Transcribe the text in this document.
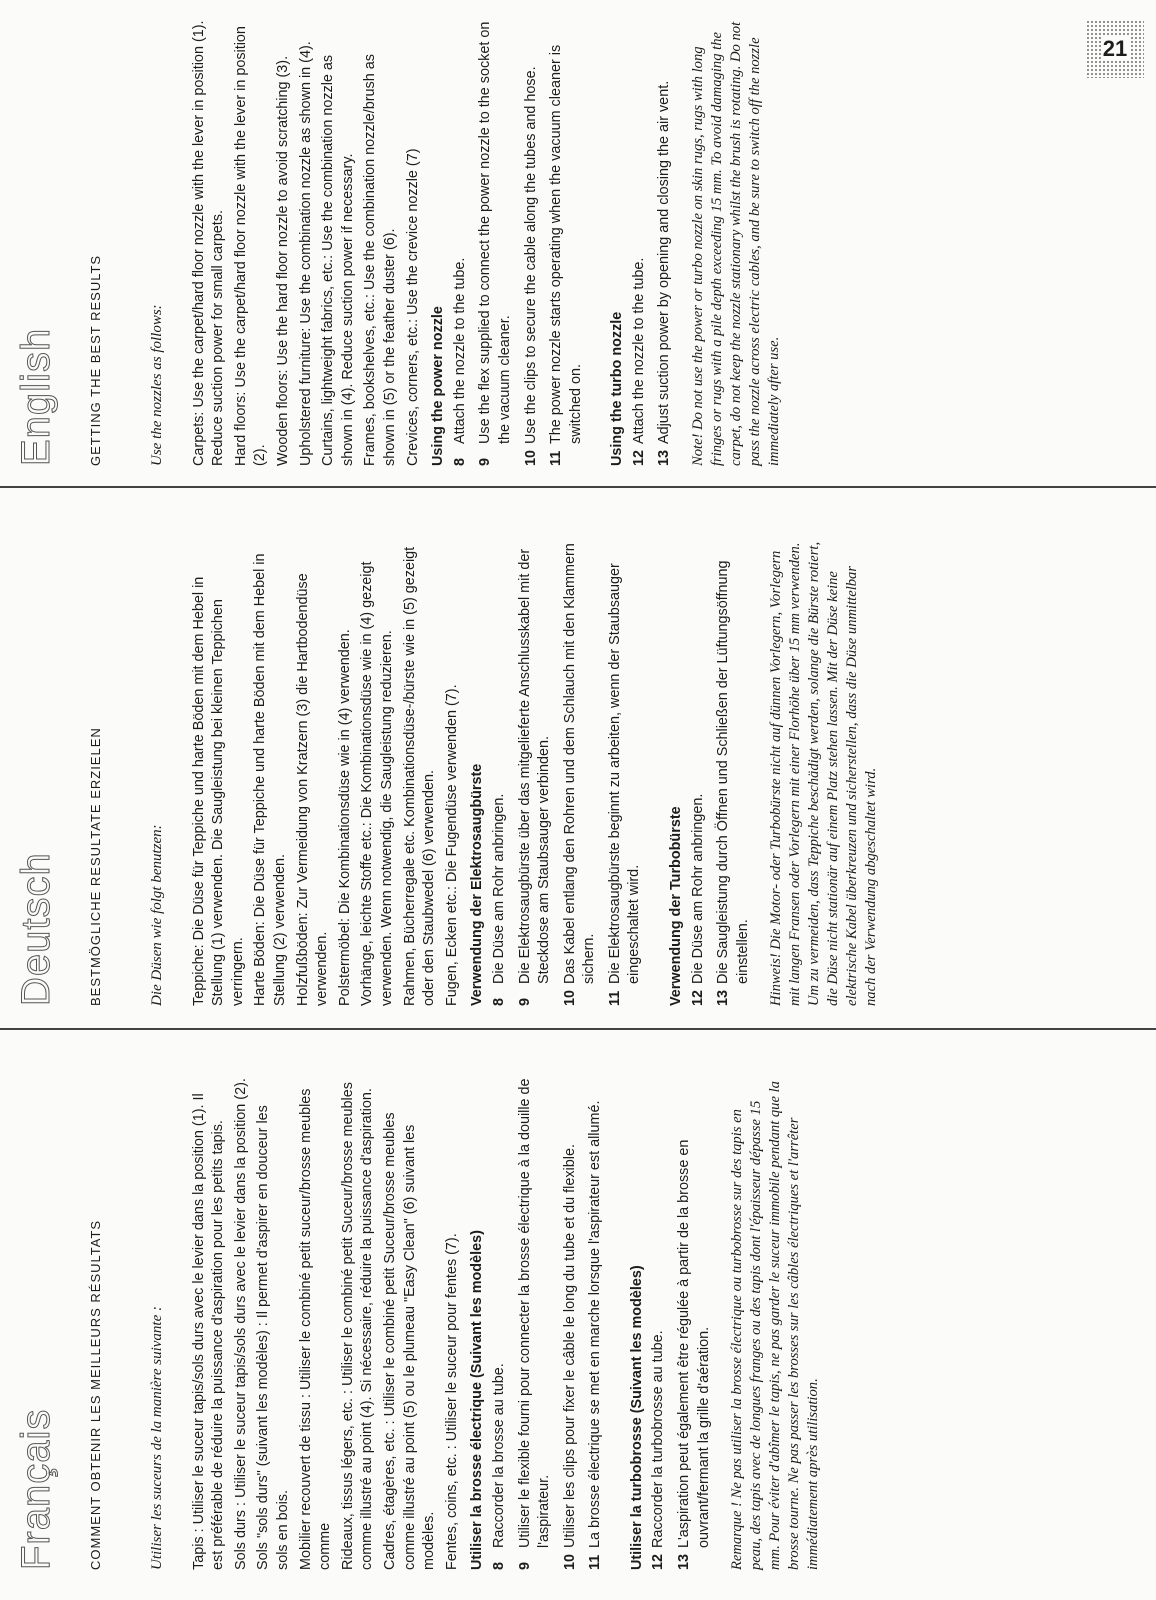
Français COMMENT OBTENIR LES MEILLEURS RÉSULTATS	Utiliser les suceurs de la manière suivante : Tapis : Utiliser le suceur tapis/sols durs avec le levier dans la position (1). Il est préférable de réduire la puissance d'aspiration pour les petits tapis. Sols durs : Utiliser le suceur tapis/sols durs avec le levier dans la position (2). Sols "sols durs" (suivant les modèles) : Il permet d'aspirer en douceur les sols en bois. Mobilier recouvert de tissu : Utiliser le combiné petit suceur/brosse meubles comme Rideaux, tissus légers, etc. : Utiliser le combiné petit Suceur/brosse meubles comme illustré au point (4). Si nécessaire, réduire la puissance d'aspiration. Cadres, étagères, etc. : Utiliser le combiné petit Suceur/brosse meubles comme illustré au point (5) ou le plumeau "Easy Clean" (6) suivant les modèles. Fentes, coins, etc. : Utiliser le suceur pour fentes (7). Utiliser la brosse électrique (Suivant les modèles) 8
Raccorder la brosse au tube.
9
Utiliser le flexible fourni pour connecter la brosse électrique à la douille de l'aspirateur.
10
Utiliser les clips pour fixer le câble le long du tube et du flexible.
11
La brosse électrique se met en marche lorsque l'aspirateur est allumé. Utiliser la turbobrosse (Suivant les modèles) 12
Raccorder la turbobrosse au tube.
13
L'aspiration peut également être régulée à partir de la brosse en ouvrant/fermant la grille d'aération. Remarque ! Ne pas utiliser la brosse électrique ou turbobrosse sur des tapis en peau, des tapis avec de longues franges ou des tapis dont l'épaisseur dépasse 15 mm. Pour éviter d'abîmer le tapis, ne pas garder le suceur immobile pendant que la brosse tourne. Ne pas passer les brosses sur les câbles électriques et l'arrêter immédiatement après utilisation.
Deutsch BESTMÖGLICHE RESULTATE ERZIELEN	Die Düsen wie folgt benutzen: Teppiche: Die Düse für Teppiche und harte Böden mit dem Hebel in Stellung (1) verwenden. Die Saugleistung bei kleinen Teppichen verringern. Harte Böden: Die Düse für Teppiche und harte Böden mit dem Hebel in Stellung (2) verwenden. Holzfußböden: Zur Vermeidung von Kratzern (3) die Hartbodendüse verwenden. Polstermöbel: Die Kombinationsdüse wie in (4) verwenden. Vorhänge, leichte Stoffe etc.: Die Kombinationsdüse wie in (4) gezeigt verwenden. Wenn notwendig, die Saugleistung reduzieren. Rahmen, Bücherregale etc. Kombinationsdüse-/bürste wie in (5) gezeigt oder den Staubwedel (6) verwenden. Fugen, Ecken etc.: Die Fugendüse verwenden (7). Verwendung der Elektrosaugbürste 8
Die Düse am Rohr anbringen.
9
Die Elektrosaugbürste über das mitgelieferte Anschlusskabel mit der Steckdose am Staubsauger verbinden.
10
Das Kabel entlang den Rohren und dem Schlauch mit den Klammern sichern.
11
Die Elektrosaugbürste beginnt zu arbeiten, wenn der Staubsauger eingeschaltet wird. Verwendung der Turbobürste 12
Die Düse am Rohr anbringen.
13
Die Saugleistung durch Öffnen und Schließen der Lüftungsöffnung einstellen. Hinweis! Die Motor- oder Turbobürste nicht auf dünnen Vorlegern, Vorlegern mit langen Fransen oder Vorlegern mit einer Florhöhe über 15 mm verwenden. Um zu vermeiden, dass Teppiche beschädigt werden, solange die Bürste rotiert, die Düse nicht stationär auf einem Platz stehen lassen. Mit der Düse keine elektrische Kabel überkreuzen und sicherstellen, dass die Düse unmittelbar nach der Verwendung abgeschaltet wird.
English GETTING THE BEST RESULTS	Use the nozzles as follows: Carpets: Use the carpet/hard floor nozzle with the lever in position (1). Reduce suction power for small carpets. Hard floors: Use the carpet/hard floor nozzle with the lever in position (2). Wooden floors: Use the hard floor nozzle to avoid scratching (3). Upholstered furniture: Use the combination nozzle as shown in (4). Curtains, lightweight fabrics, etc.: Use the combination nozzle as shown in (4). Reduce suction power if necessary. Frames, bookshelves, etc.: Use the combination nozzle/brush as shown in (5) or the feather duster (6). Crevices, corners, etc.: Use the crevice nozzle (7) Using the power nozzle 8
Attach the nozzle to the tube.
9
Use the flex supplied to connect the power nozzle to the socket on the vacuum cleaner.
10
Use the clips to secure the cable along the tubes and hose.
11
The power nozzle starts operating when the vacuum cleaner is switched on. Using the turbo nozzle 12
Attach the nozzle to the tube.
13
Adjust suction power by opening and closing the air vent. Note! Do not use the power or turbo nozzle on skin rugs, rugs with long fringes or rugs with a pile depth exceeding 15 mm. To avoid damaging the carpet, do not keep the nozzle stationary whilst the brush is rotating. Do not pass the nozzle across electric cables, and be sure to switch off the nozzle immediately after use.
21
